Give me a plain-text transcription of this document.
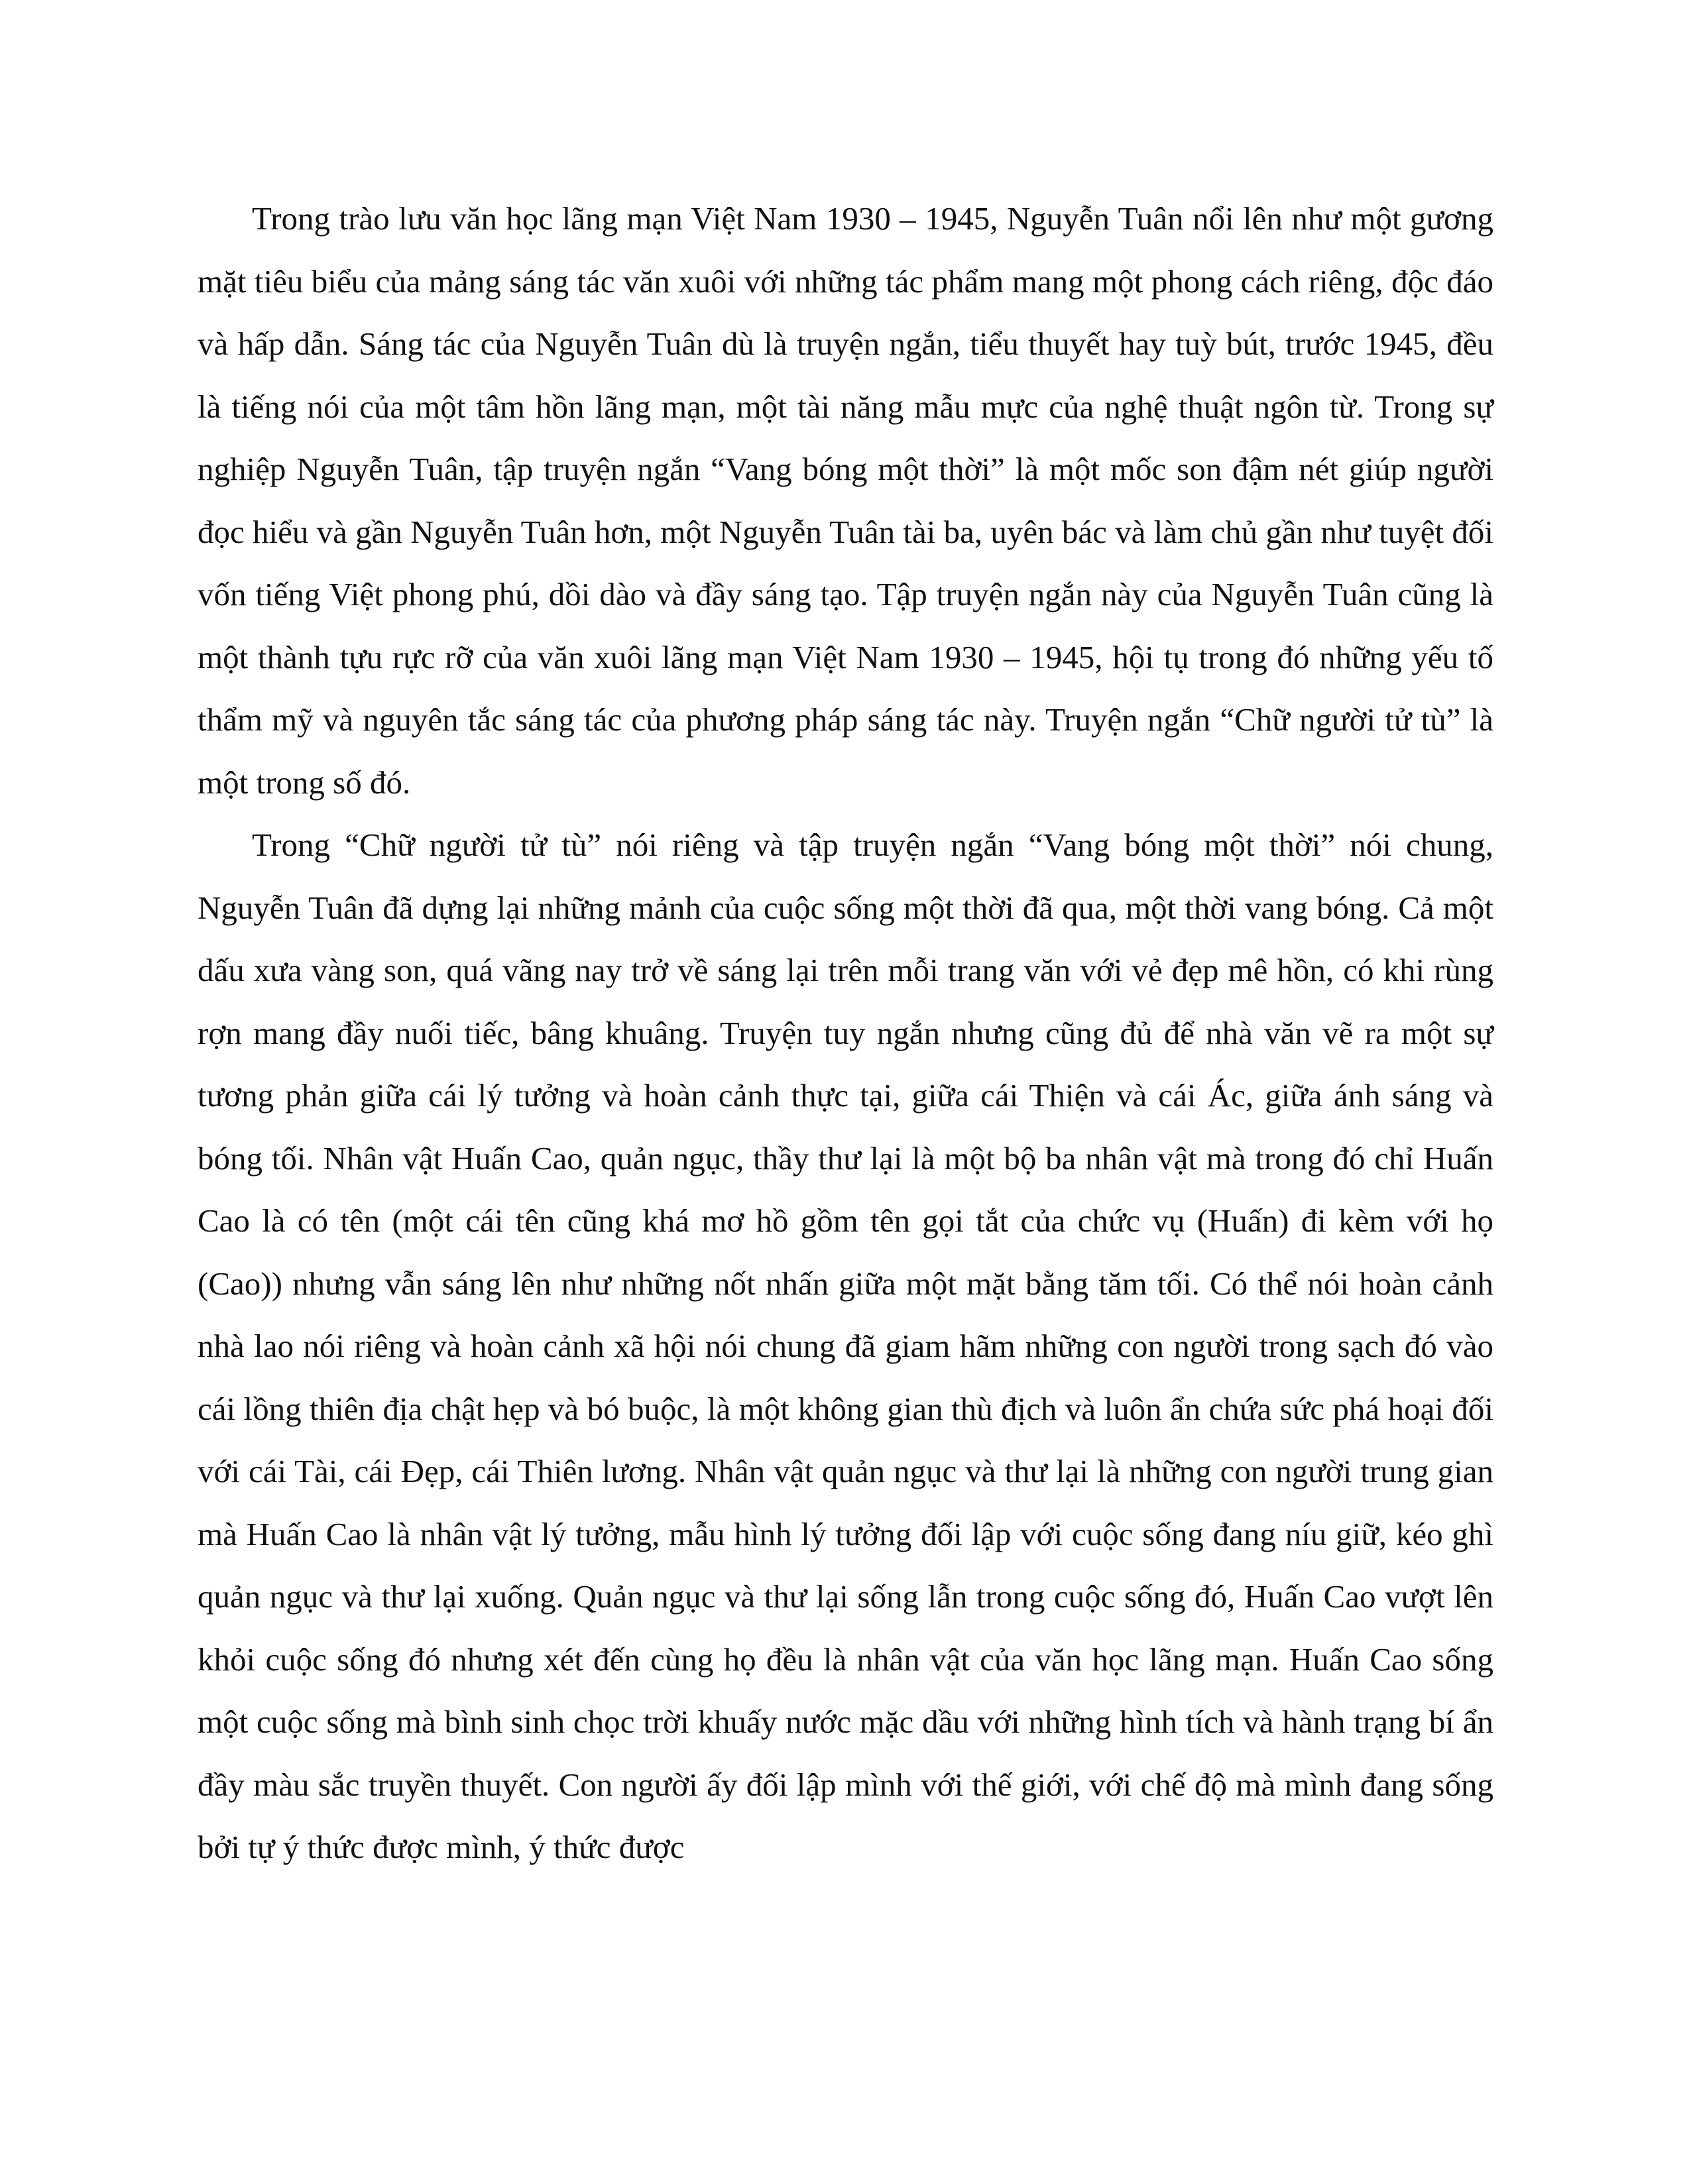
Trong trào lưu văn học lãng mạn Việt Nam 1930 – 1945, Nguyễn Tuân nổi lên như một gương mặt tiêu biểu của mảng sáng tác văn xuôi với những tác phẩm mang một phong cách riêng, độc đáo và hấp dẫn. Sáng tác của Nguyễn Tuân dù là truyện ngắn, tiểu thuyết hay tuỳ bút, trước 1945, đều là tiếng nói của một tâm hồn lãng mạn, một tài năng mẫu mực của nghệ thuật ngôn từ. Trong sự nghiệp Nguyễn Tuân, tập truyện ngắn “Vang bóng một thời” là một mốc son đậm nét giúp người đọc hiểu và gần Nguyễn Tuân hơn, một Nguyễn Tuân tài ba, uyên bác và làm chủ gần như tuyệt đối vốn tiếng Việt phong phú, dồi dào và đầy sáng tạo. Tập truyện ngắn này của Nguyễn Tuân cũng là một thành tựu rực rỡ của văn xuôi lãng mạn Việt Nam 1930 – 1945, hội tụ trong đó những yếu tố thẩm mỹ và nguyên tắc sáng tác của phương pháp sáng tác này. Truyện ngắn “Chữ người tử tù” là một trong số đó.

Trong “Chữ người tử tù” nói riêng và tập truyện ngắn “Vang bóng một thời” nói chung, Nguyễn Tuân đã dựng lại những mảnh của cuộc sống một thời đã qua, một thời vang bóng. Cả một dấu xưa vàng son, quá vãng nay trở về sáng lại trên mỗi trang văn với vẻ đẹp mê hồn, có khi rùng rợn mang đầy nuối tiếc, bâng khuâng. Truyện tuy ngắn nhưng cũng đủ để nhà văn vẽ ra một sự tương phản giữa cái lý tưởng và hoàn cảnh thực tại, giữa cái Thiện và cái Ác, giữa ánh sáng và bóng tối. Nhân vật Huấn Cao, quản ngục, thầy thư lại là một bộ ba nhân vật mà trong đó chỉ Huấn Cao là có tên (một cái tên cũng khá mơ hồ gồm tên gọi tắt của chức vụ (Huấn) đi kèm với họ (Cao)) nhưng vẫn sáng lên như những nốt nhấn giữa một mặt bằng tăm tối. Có thể nói hoàn cảnh nhà lao nói riêng và hoàn cảnh xã hội nói chung đã giam hãm những con người trong sạch đó vào cái lồng thiên địa chật hẹp và bó buộc, là một không gian thù địch và luôn ẩn chứa sức phá hoại đối với cái Tài, cái Đẹp, cái Thiên lương. Nhân vật quản ngục và thư lại là những con người trung gian mà Huấn Cao là nhân vật lý tưởng, mẫu hình lý tưởng đối lập với cuộc sống đang níu giữ, kéo ghì quản ngục và thư lại xuống. Quản ngục và thư lại sống lẫn trong cuộc sống đó, Huấn Cao vượt lên khỏi cuộc sống đó nhưng xét đến cùng họ đều là nhân vật của văn học lãng mạn. Huấn Cao sống một cuộc sống mà bình sinh chọc trời khuấy nước mặc dầu với những hình tích và hành trạng bí ẩn đầy màu sắc truyền thuyết. Con người ấy đối lập mình với thế giới, với chế độ mà mình đang sống bởi tự ý thức được mình, ý thức được
